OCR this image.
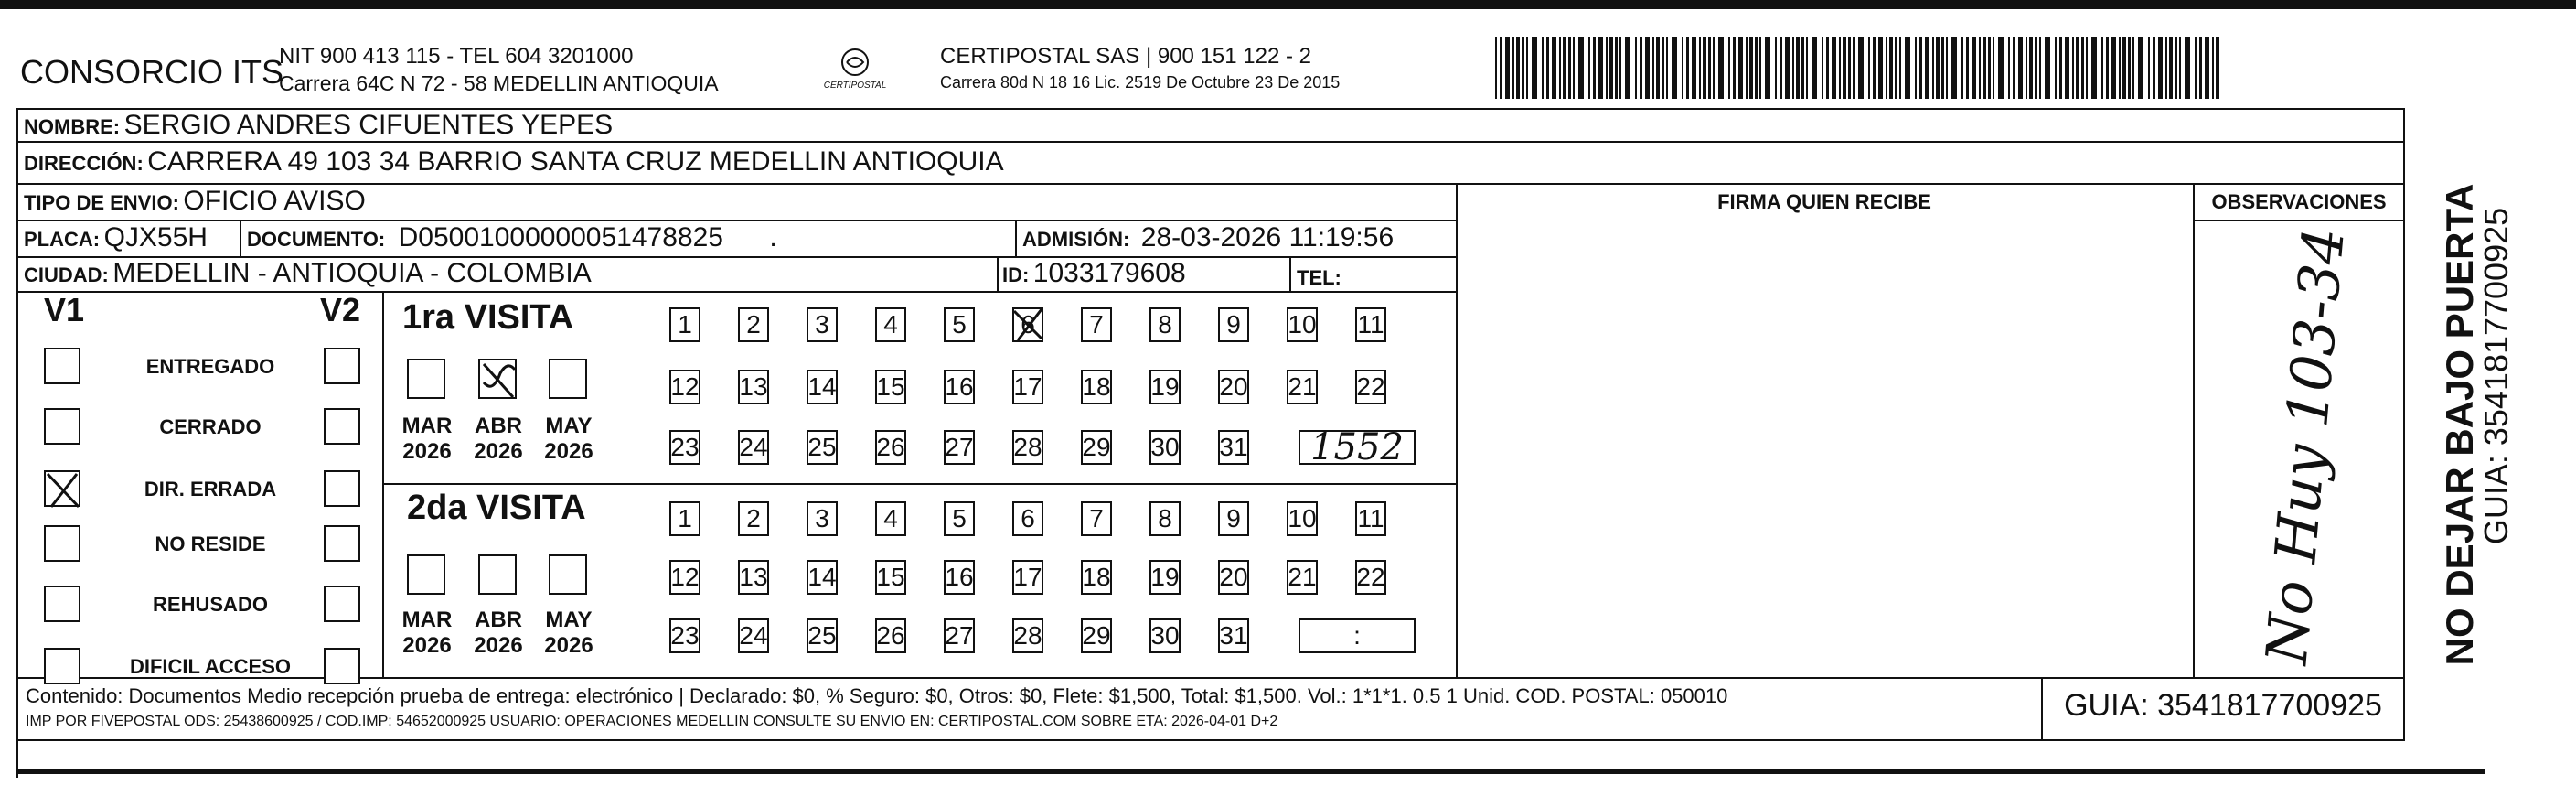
CONSORCIO ITS
NIT 900 413 115 - TEL 604 3201000
Carrera 64C N 72 - 58 MEDELLIN ANTIOQUIA	CERTIPOSTAL
CERTIPOSTAL SAS | 900 151 122 - 2
Carrera 80d N 18 16 Lic. 2519 De Octubre 23 De 2015
NOMBRE: SERGIO ANDRES CIFUENTES YEPES
DIRECCIÓN: CARRERA 49 103 34 BARRIO SANTA CRUZ MEDELLIN ANTIOQUIA
TIPO DE ENVIO: OFICIO AVISO
PLACA: QJX55H DOCUMENTO: D05001000000051478825 .	ADMISIÓN: 28-03-2026 11:19:56
CIUDAD: MEDELLIN - ANTIOQUIA - COLOMBIA	ID: 1033179608	TEL:
FIRMA QUIEN RECIBE	OBSERVACIONES
V1	V2
ENTREGADO
CERRADO
DIR. ERRADA
NO RESIDE
REHUSADO
DIFICIL ACCESO
1ra VISITA
2da VISITA
MAR
2026
ABR
2026
MAY
2026
1 2 3 4 5 6 7 8 9 10 11
12 13 14 15 16 17 18 19 20 21 22
23 24 25 26 27 28 29 30 31 1552
MAR
2026
ABR
2026
MAY
2026
1 2 3 4 5 6 7 8 9 10 11
12 13 14 15 16 17 18 19 20 21 22
23 24 25 26 27 28 29 30 31	:	No Huy 103-34
Contenido: Documentos Medio recepción prueba de entrega: electrónico | Declarado: $0, % Seguro: $0, Otros: $0, Flete: $1,500, Total: $1,500. Vol.: 1*1*1. 0.5 1 Unid. COD. POSTAL: 050010
IMP POR FIVEPOSTAL ODS: 25438600925 / COD.IMP: 54652000925 USUARIO: OPERACIONES MEDELLIN CONSULTE SU ENVIO EN: CERTIPOSTAL.COM SOBRE ETA: 2026-04-01 D+2	GUIA: 3541817700925
NO DEJAR BAJO PUERTA
GUIA: 3541817700925
